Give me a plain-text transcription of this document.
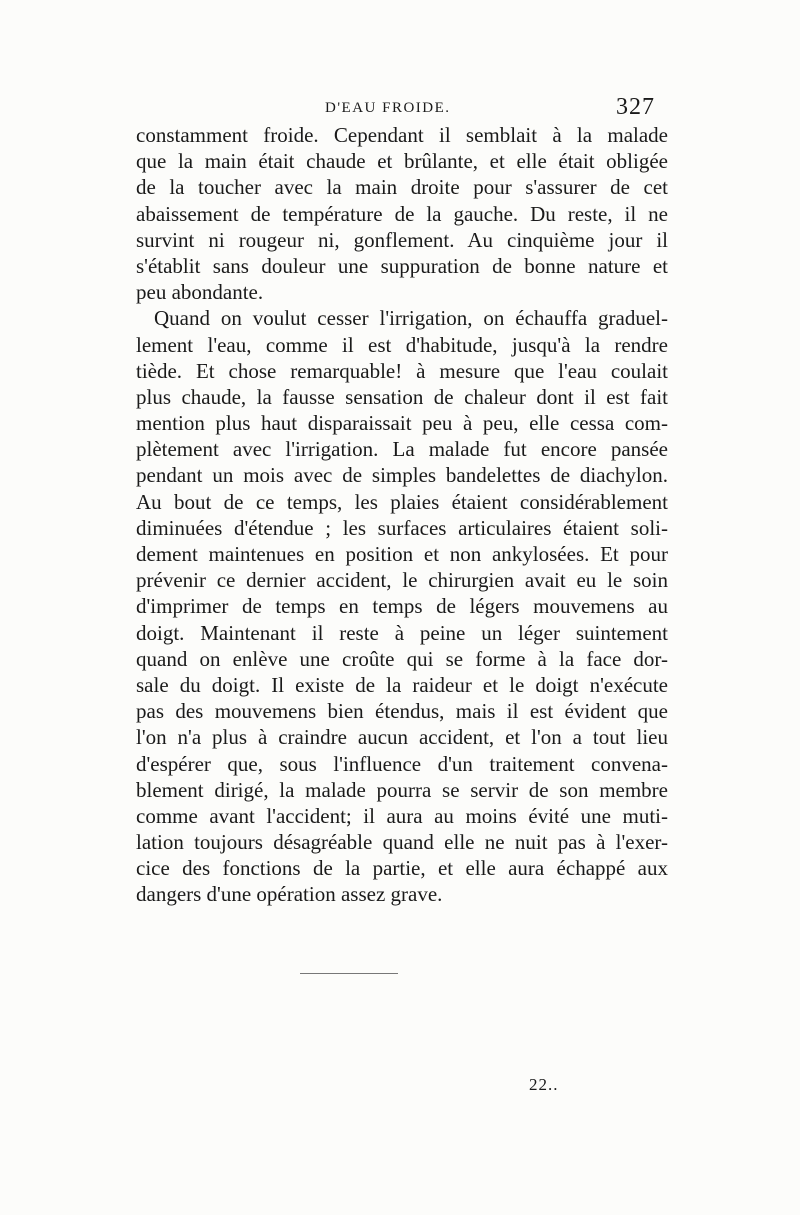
D'EAU FROIDE.	327
constamment froide. Cependant il semblait à la malade
que la main était chaude et brûlante, et elle était obligée
de la toucher avec la main droite pour s'assurer de cet
abaissement de température de la gauche. Du reste, il ne
survint ni rougeur ni, gonflement. Au cinquième jour il
s'établit sans douleur une suppuration de bonne nature et
peu abondante.
Quand on voulut cesser l'irrigation, on échauffa graduel-
lement l'eau, comme il est d'habitude, jusqu'à la rendre
tiède. Et chose remarquable! à mesure que l'eau coulait
plus chaude, la fausse sensation de chaleur dont il est fait
mention plus haut disparaissait peu à peu, elle cessa com-
plètement avec l'irrigation. La malade fut encore pansée
pendant un mois avec de simples bandelettes de diachylon.
Au bout de ce temps, les plaies étaient considérablement
diminuées d'étendue ; les surfaces articulaires étaient soli-
dement maintenues en position et non ankylosées. Et pour
prévenir ce dernier accident, le chirurgien avait eu le soin
d'imprimer de temps en temps de légers mouvemens au
doigt. Maintenant il reste à peine un léger suintement
quand on enlève une croûte qui se forme à la face dor-
sale du doigt. Il existe de la raideur et le doigt n'exécute
pas des mouvemens bien étendus, mais il est évident que
l'on n'a plus à craindre aucun accident, et l'on a tout lieu
d'espérer que, sous l'influence d'un traitement convena-
blement dirigé, la malade pourra se servir de son membre
comme avant l'accident; il aura au moins évité une muti-
lation toujours désagréable quand elle ne nuit pas à l'exer-
cice des fonctions de la partie, et elle aura échappé aux
dangers d'une opération assez grave.
22..
